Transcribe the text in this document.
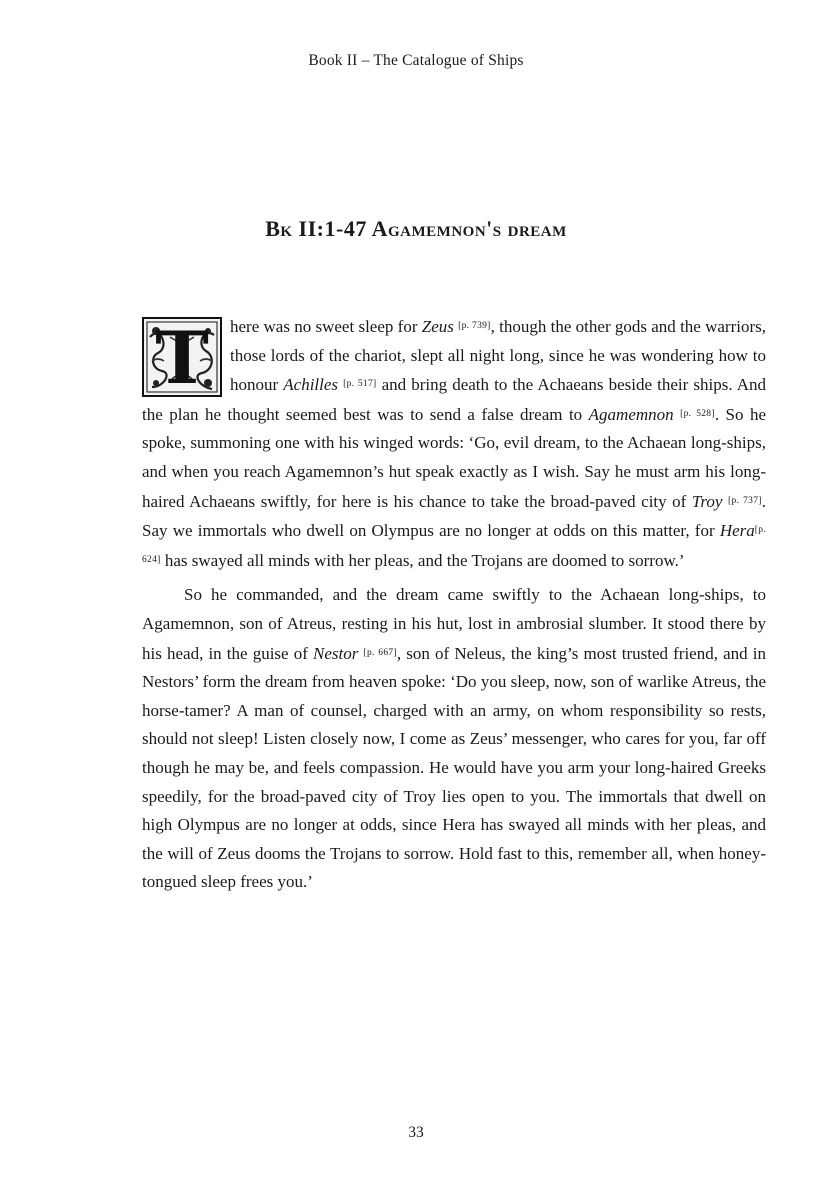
Book II – The Catalogue of Ships
Bk II:1-47 Agamemnon's dream

T	here was no sweet sleep for Zeus [p. 739], though the other gods and the warriors, those lords of the chariot, slept all night long, since he was wondering how to honour Achilles [p. 517] and bring death to the Achaeans beside their ships. And the plan he thought seemed best was to send a false dream to Agamemnon [p. 528]. So he spoke, summoning one with his winged words: ‘Go, evil dream, to the Achaean long-ships, and when you reach Agamemnon’s hut speak exactly as I wish. Say he must arm his long-haired Achaeans swiftly, for here is his chance to take the broad-paved city of Troy [p. 737]. Say we immortals who dwell on Olympus are no longer at odds on this matter, for Hera[p. 624] has swayed all minds with her pleas, and the Trojans are doomed to sorrow.’

So he commanded, and the dream came swiftly to the Achaean long-ships, to Agamemnon, son of Atreus, resting in his hut, lost in ambrosial slumber. It stood there by his head, in the guise of Nestor [p. 667], son of Neleus, the king’s most trusted friend, and in Nestors’ form the dream from heaven spoke: ‘Do you sleep, now, son of warlike Atreus, the horse-tamer? A man of counsel, charged with an army, on whom responsibility so rests, should not sleep! Listen closely now, I come as Zeus’ messenger, who cares for you, far off though he may be, and feels compassion. He would have you arm your long-haired Greeks speedily, for the broad-paved city of Troy lies open to you. The immortals that dwell on high Olympus are no longer at odds, since Hera has swayed all minds with her pleas, and the will of Zeus dooms the Trojans to sorrow. Hold fast to this, remember all, when honey-tongued sleep frees you.’

33
